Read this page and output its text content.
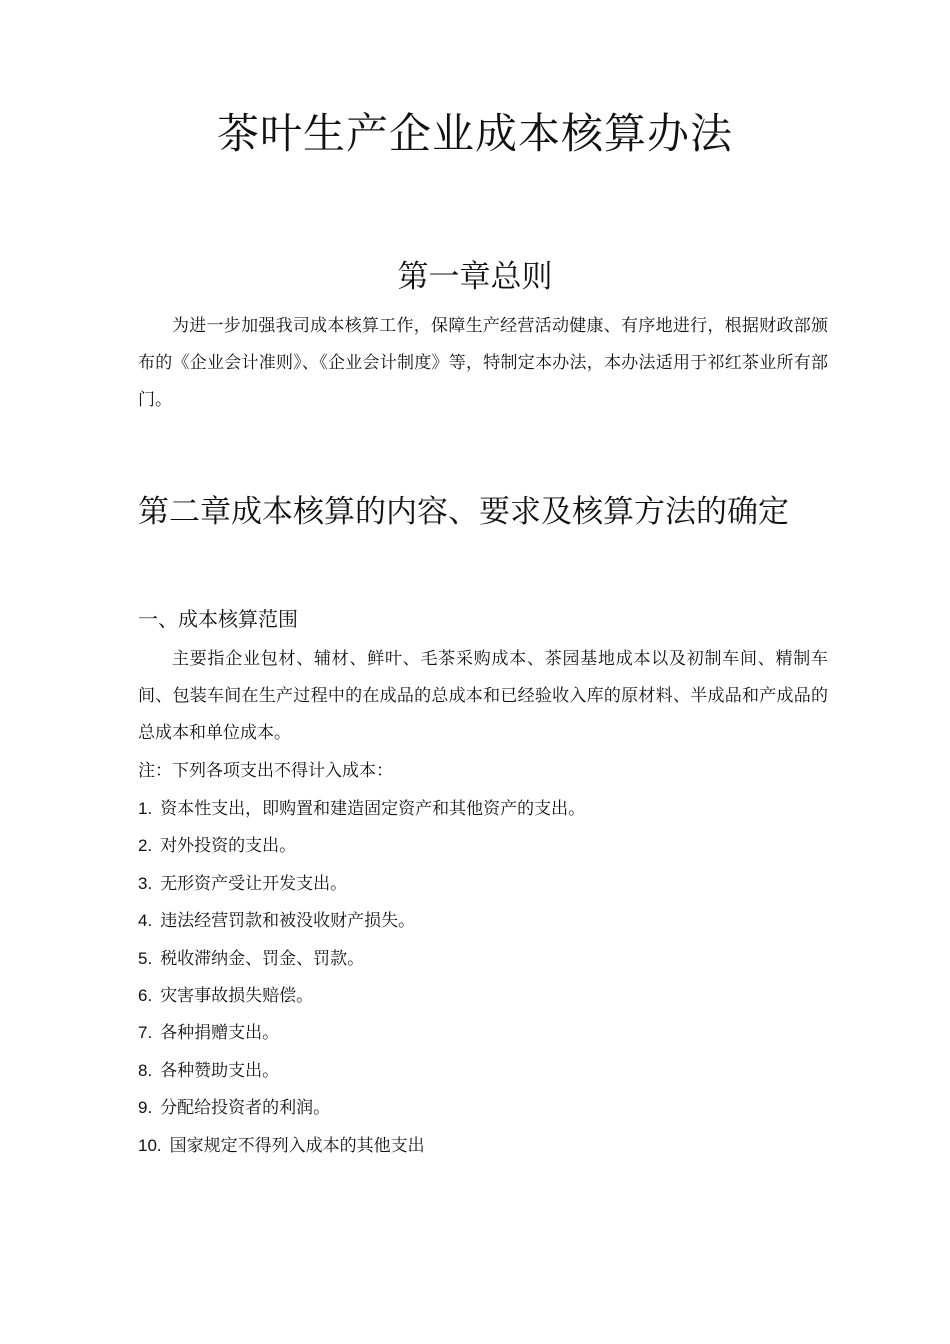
茶叶生产企业成本核算办法
第一章总则

为进一步加强我司成本核算工作，保障生产经营活动健康、有序地进行，根据财政部颁布的《企业会计准则》、《企业会计制度》等，特制定本办法，本办法适用于祁红茶业所有部门。

第二章成本核算的内容、要求及核算方法的确定
一、成本核算范围

主要指企业包材、辅材、鲜叶、毛茶采购成本、茶园基地成本以及初制车间、精制车间、包装车间在生产过程中的在成品的总成本和已经验收入库的原材料、半成品和产成品的总成本和单位成本。

注：下列各项支出不得计入成本：

1. 资本性支出，即购置和建造固定资产和其他资产的支出。
2. 对外投资的支出。
3. 无形资产受让开发支出。
4. 违法经营罚款和被没收财产损失。
5. 税收滞纳金、罚金、罚款。
6. 灾害事故损失赔偿。
7. 各种捐赠支出。
8. 各种赞助支出。
9. 分配给投资者的利润。
10. 国家规定不得列入成本的其他支出
